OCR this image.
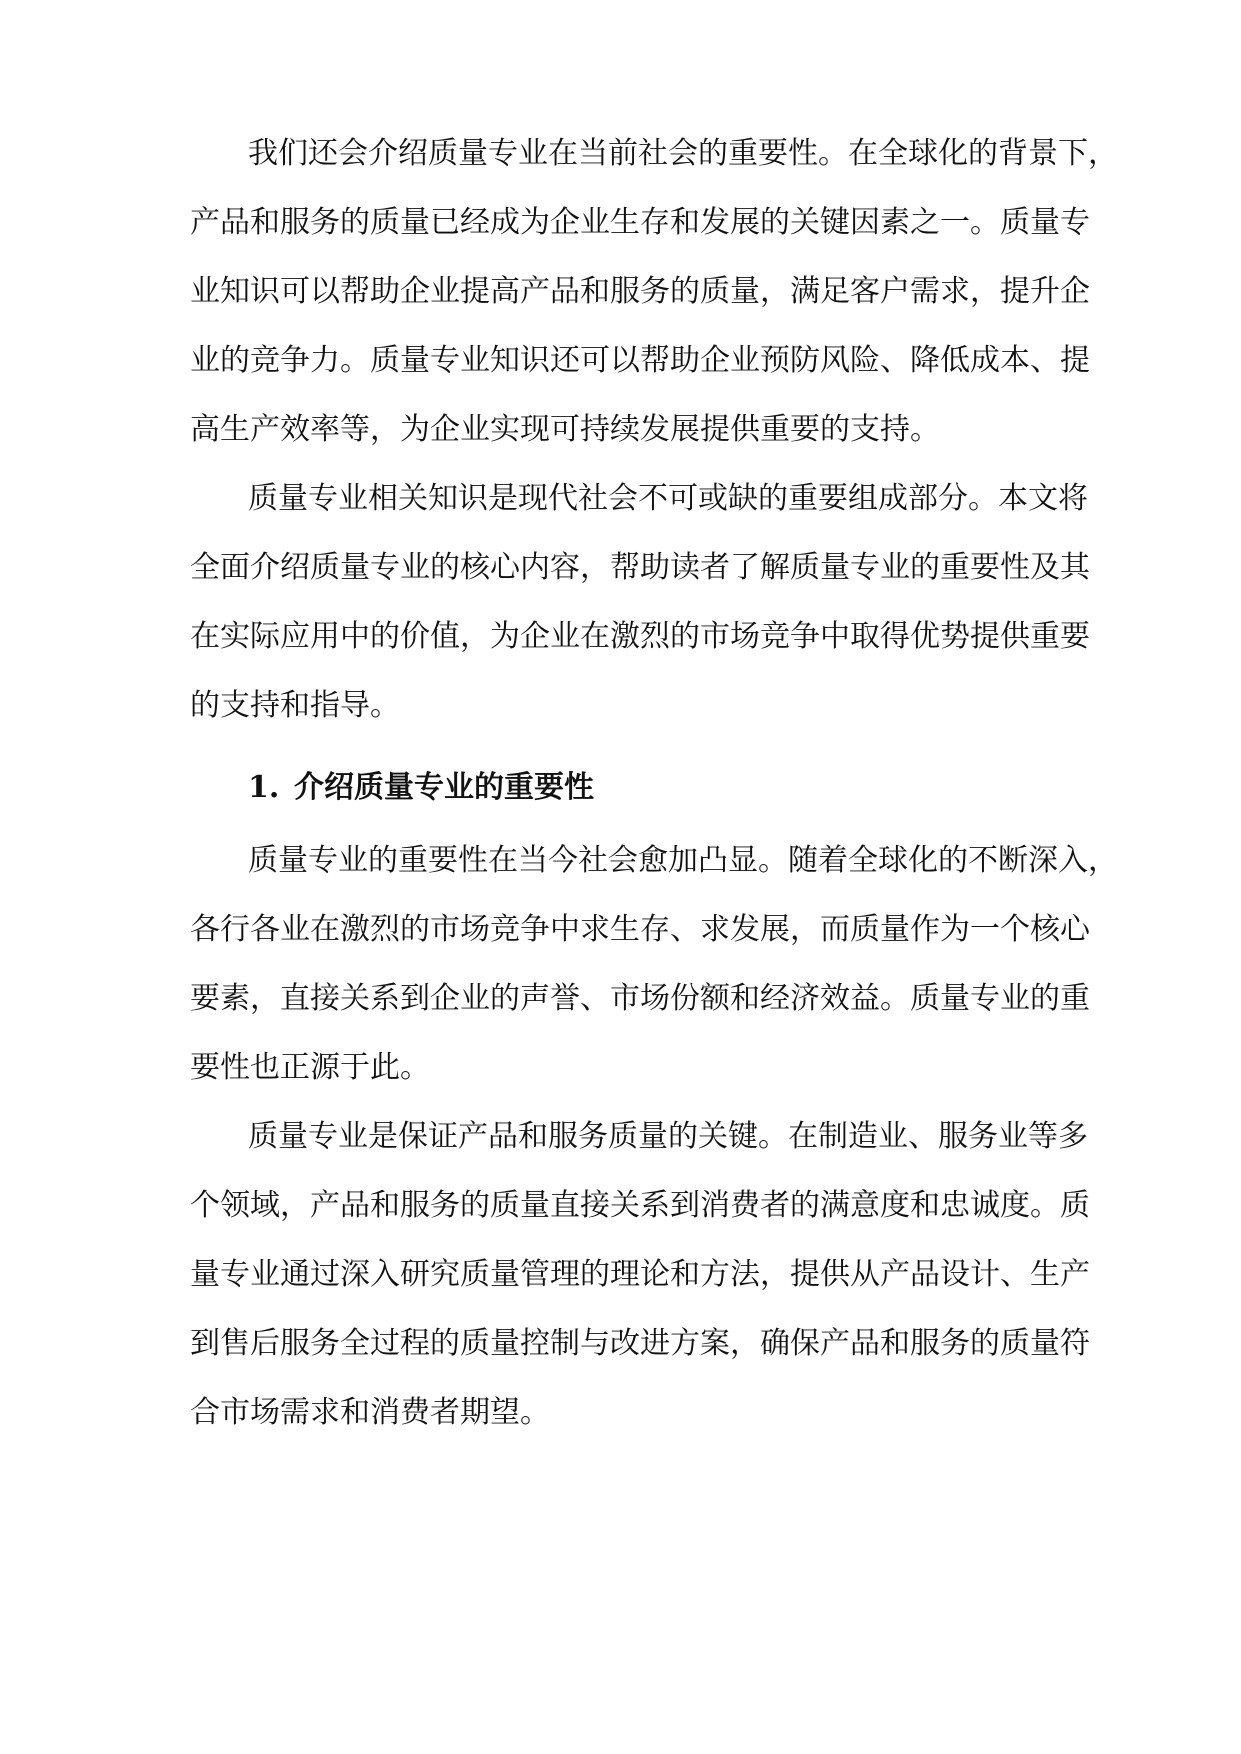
我们还会介绍质量专业在当前社会的重要性。在全球化的背景下，
产品和服务的质量已经成为企业生存和发展的关键因素之一。质量专
业知识可以帮助企业提高产品和服务的质量，满足客户需求，提升企
业的竞争力。质量专业知识还可以帮助企业预防风险、降低成本、提
高生产效率等，为企业实现可持续发展提供重要的支持。
质量专业相关知识是现代社会不可或缺的重要组成部分。本文将
全面介绍质量专业的核心内容，帮助读者了解质量专业的重要性及其
在实际应用中的价值，为企业在激烈的市场竞争中取得优势提供重要
的支持和指导。
1. 介绍质量专业的重要性
质量专业的重要性在当今社会愈加凸显。随着全球化的不断深入，
各行各业在激烈的市场竞争中求生存、求发展，而质量作为一个核心
要素，直接关系到企业的声誉、市场份额和经济效益。质量专业的重
要性也正源于此。
质量专业是保证产品和服务质量的关键。在制造业、服务业等多
个领域，产品和服务的质量直接关系到消费者的满意度和忠诚度。质
量专业通过深入研究质量管理的理论和方法，提供从产品设计、生产
到售后服务全过程的质量控制与改进方案，确保产品和服务的质量符
合市场需求和消费者期望。
